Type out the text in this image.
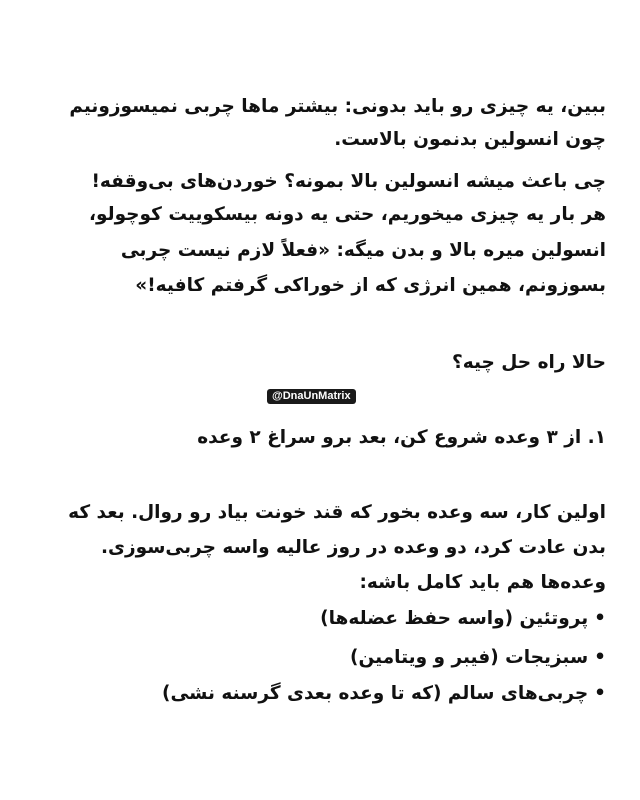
ببین، یه چیزی رو باید بدونی: بیشتر ماها چربی نمیسوزونیم
چون انسولین بدنمون بالاست.
چی باعث میشه انسولین بالا بمونه؟ خوردن‌های بی‌وقفه!
هر بار یه چیزی میخوریم، حتی یه دونه بیسکوییت کوچولو،
انسولین میره بالا و بدن میگه: «فعلاً لازم نیست چربی
بسوزونم، همین انرژی که از خوراکی گرفتم کافیه!»
حالا راه حل چیه؟
@DnaUnMatrix
۱. از ۳ وعده شروع کن، بعد برو سراغ ۲ وعده
اولین کار، سه وعده بخور که قند خونت بیاد رو روال. بعد که
بدن عادت کرد، دو وعده در روز عالیه واسه چربی‌سوزی.
وعده‌ها هم باید کامل باشه:
•پروتئین (واسه حفظ عضله‌ها)
•سبزیجات (فیبر و ویتامین)
•چربی‌های سالم (که تا وعده بعدی گرسنه نشی)
